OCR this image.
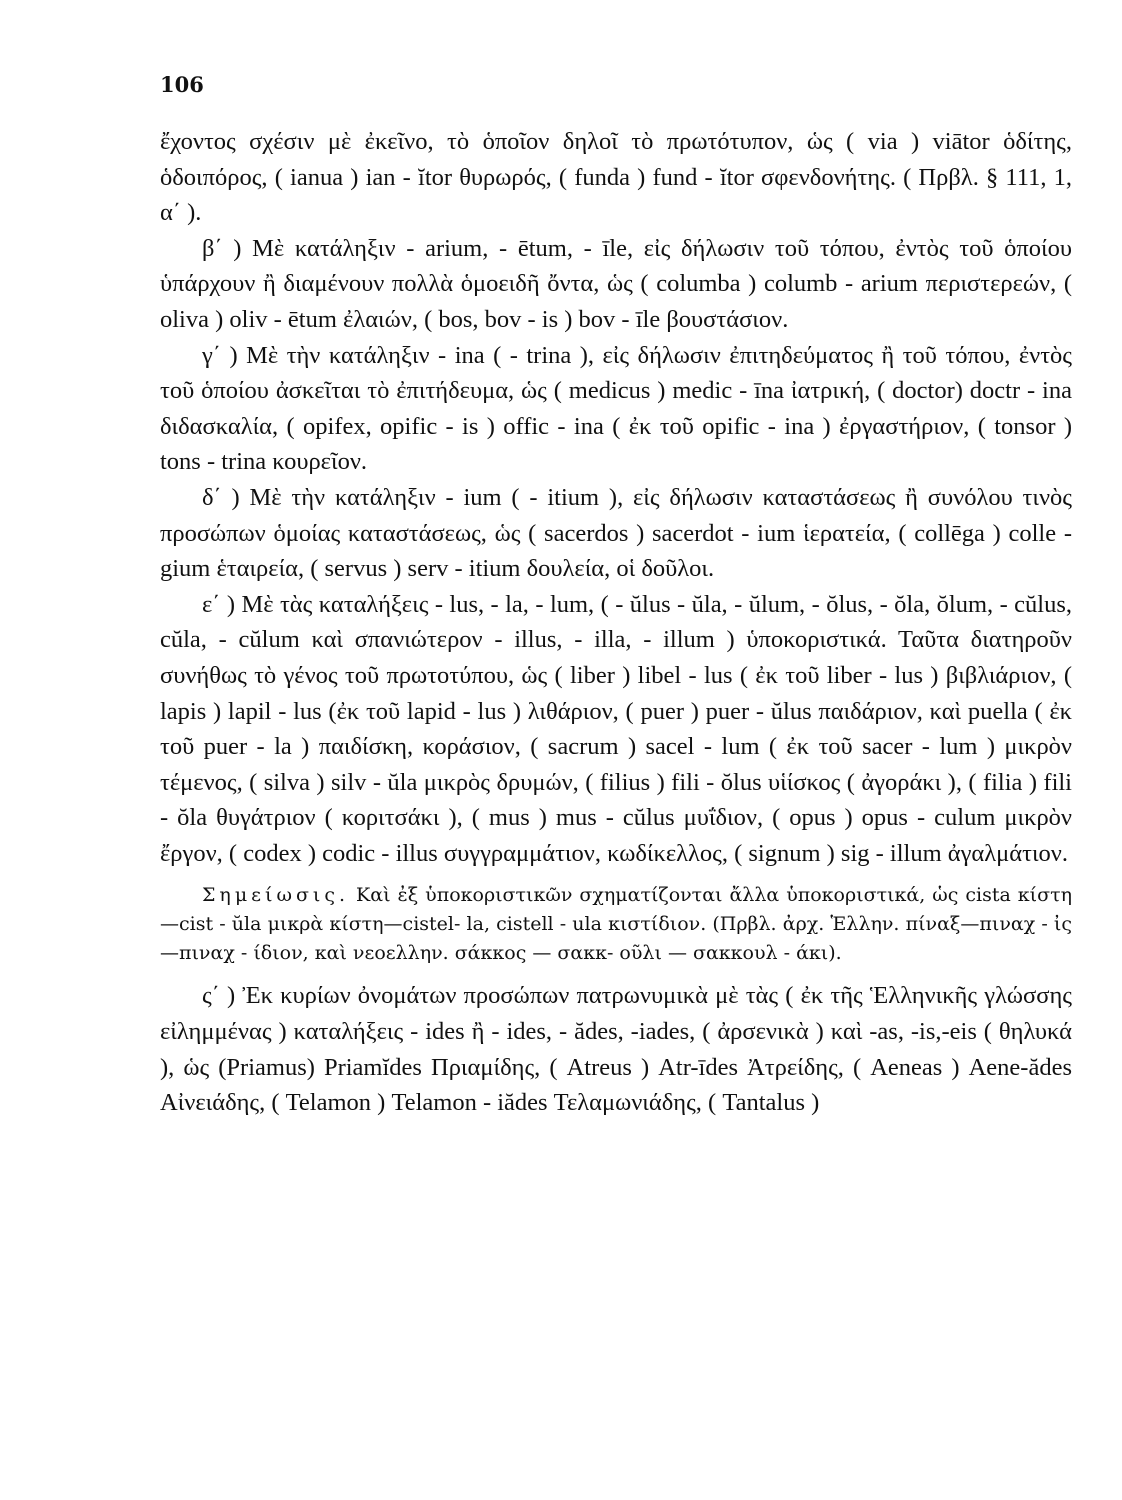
106

ἔχοντος σχέσιν μὲ ἐκεῖνο, τὸ ὁποῖον δηλοῖ τὸ πρωτότυπον, ὡς ( via ) viātor ὁδίτης, ὁδοιπόρος, ( ianua ) ian - ĭtor θυρωρός, ( funda ) fund - ĭtor σφενδονήτης. ( Πρβλ. § 111, 1, α΄ ).

β΄ ) Μὲ κατάληξιν - arium, - ētum, - īle, εἰς δήλωσιν τοῦ τόπου, ἐντὸς τοῦ ὁποίου ὑπάρχουν ἢ διαμένουν πολλὰ ὁμοειδῆ ὄντα, ὡς ( columba ) columb - arium περιστερεών, ( oliva ) oliv - ētum ἐλαιών, ( bos, bov - is ) bov - īle βουστάσιον.

γ΄ ) Μὲ τὴν κατάληξιν - ina ( - trina ), εἰς δήλωσιν ἐπιτηδεύματος ἢ τοῦ τόπου, ἐντὸς τοῦ ὁποίου ἀσκεῖται τὸ ἐπιτήδευμα, ὡς ( medicus ) medic - īna ἰατρική, ( doctor) doctr - ina διδασκαλία, ( opifex, opific - is ) offic - ina ( ἐκ τοῦ opific - ina ) ἐργαστήριον, ( tonsor ) tons - trina κουρεῖον.

δ΄ ) Μὲ τὴν κατάληξιν - ium ( - itium ), εἰς δήλωσιν καταστάσεως ἢ συνόλου τινὸς προσώπων ὁμοίας καταστάσεως, ὡς ( sacerdos ) sacerdot - ium ἱερατεία, ( collēga ) colle - gium ἑταιρεία, ( servus ) serv - itium δουλεία, οἱ δοῦλοι.

ε΄ ) Μὲ τὰς καταλήξεις - lus, - la, - lum, ( - ŭlus - ŭla, - ŭlum, - ŏlus, - ŏla, ŏlum, - cŭlus, cŭla, - cŭlum καὶ σπανιώτερον - illus, - illa, - illum ) ὑποκοριστικά. Ταῦτα διατηροῦν συνήθως τὸ γένος τοῦ πρωτοτύπου, ὡς ( liber ) libel - lus ( ἐκ τοῦ liber - lus ) βιβλιάριον, ( lapis ) lapil - lus (ἐκ τοῦ lapid - lus ) λιθάριον, ( puer ) puer - ŭlus παιδάριον, καὶ puella ( ἐκ τοῦ puer - la ) παιδίσκη, κοράσιον, ( sacrum ) sacel - lum ( ἐκ τοῦ sacer - lum ) μικρὸν τέμενος, ( silva ) silv - ŭla μικρὸς δρυμών, ( filius ) fili - ŏlus υἱίσκος ( ἀγοράκι ), ( filia ) fili - ŏla θυγάτριον ( κοριτσάκι ), ( mus ) mus - cŭlus μυΐδιον, ( opus ) opus - culum μικρὸν ἔργον, ( codex ) codic - illus συγγραμμάτιον, κωδίκελλος, ( signum ) sig - illum ἀγαλμάτιον.

Σημείωσις. Καὶ ἐξ ὑποκοριστικῶν σχηματίζονται ἄλλα ὑποκοριστικά, ὡς cista κίστη—cist - ŭla μικρὰ κίστη—cistel- la, cistell - ula κιστίδιον. (Πρβλ. ἀρχ. Ἑλλην. πίναξ—πιναχ - ἰς—πιναχ - ίδιον, καὶ νεοελλην. σάκκος — σακκ- οῦλι — σακκουλ - άκι).

ς΄ ) Ἐκ κυρίων ὀνομάτων προσώπων πατρωνυμικὰ μὲ τὰς ( ἐκ τῆς Ἑλληνικῆς γλώσσης εἰλημμένας ) καταλήξεις - ides ἢ - ides, - ădes, -iades, ( ἀρσενικὰ ) καὶ -as, -is,-eis ( θηλυκά ), ὡς (Priamus) Priamĭdes Πριαμίδης, ( Atreus ) Atr-īdes Ἀτρείδης, ( Aeneas ) Aene-ădes Αἰνειάδης, ( Telamon ) Telamon - iădes Τελαμωνιάδης, ( Tantalus )
